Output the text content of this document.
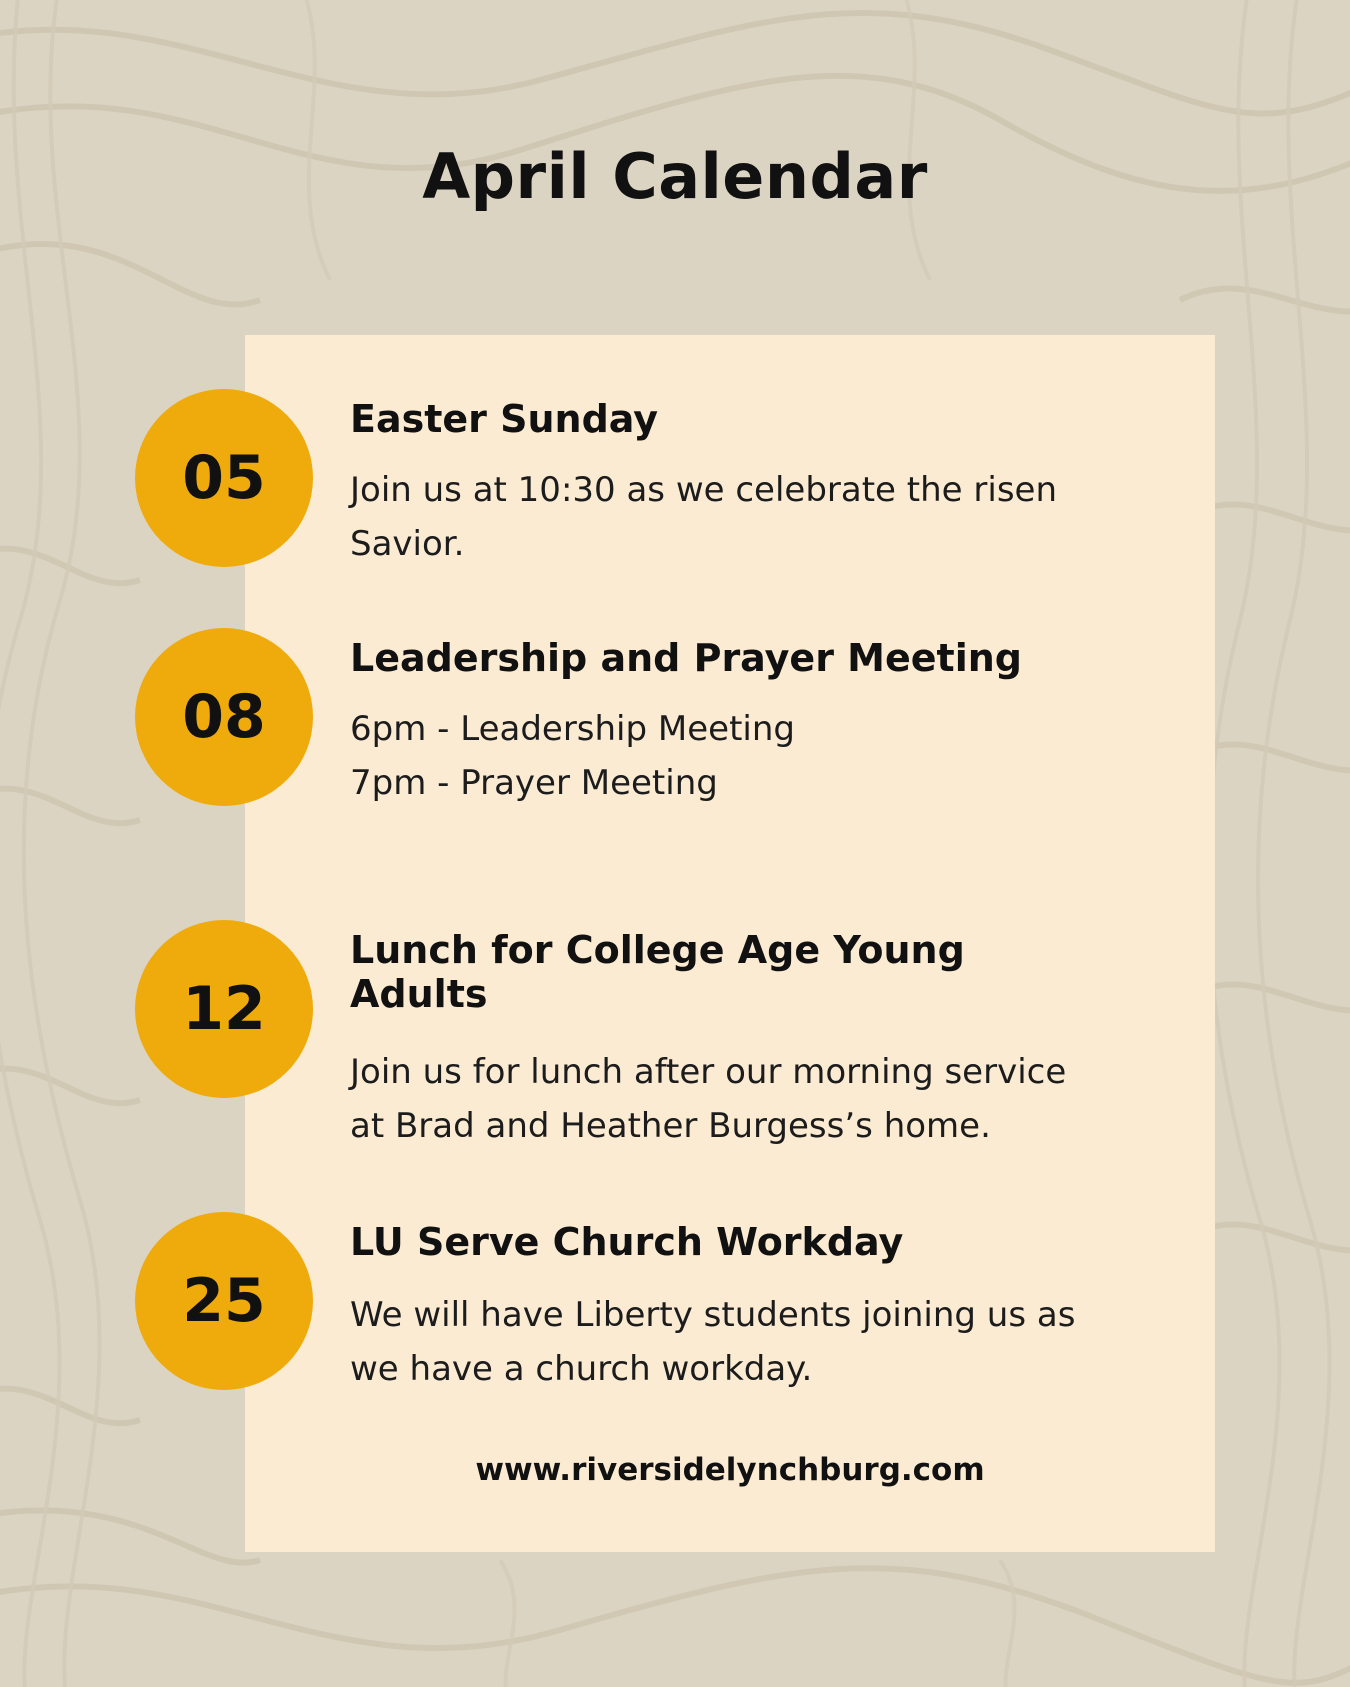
April Calendar
05
Easter Sunday

Join us at 10:30 as we celebrate the risen
Savior.

08
Leadership and Prayer Meeting

6pm - Leadership Meeting
7pm - Prayer Meeting

12
Lunch for College Age Young Adults

Join us for lunch after our morning service
at Brad and Heather Burgess’s home.

25
LU Serve Church Workday

We will have Liberty students joining us as
we have a church workday.

www.riversidelynchburg.com
